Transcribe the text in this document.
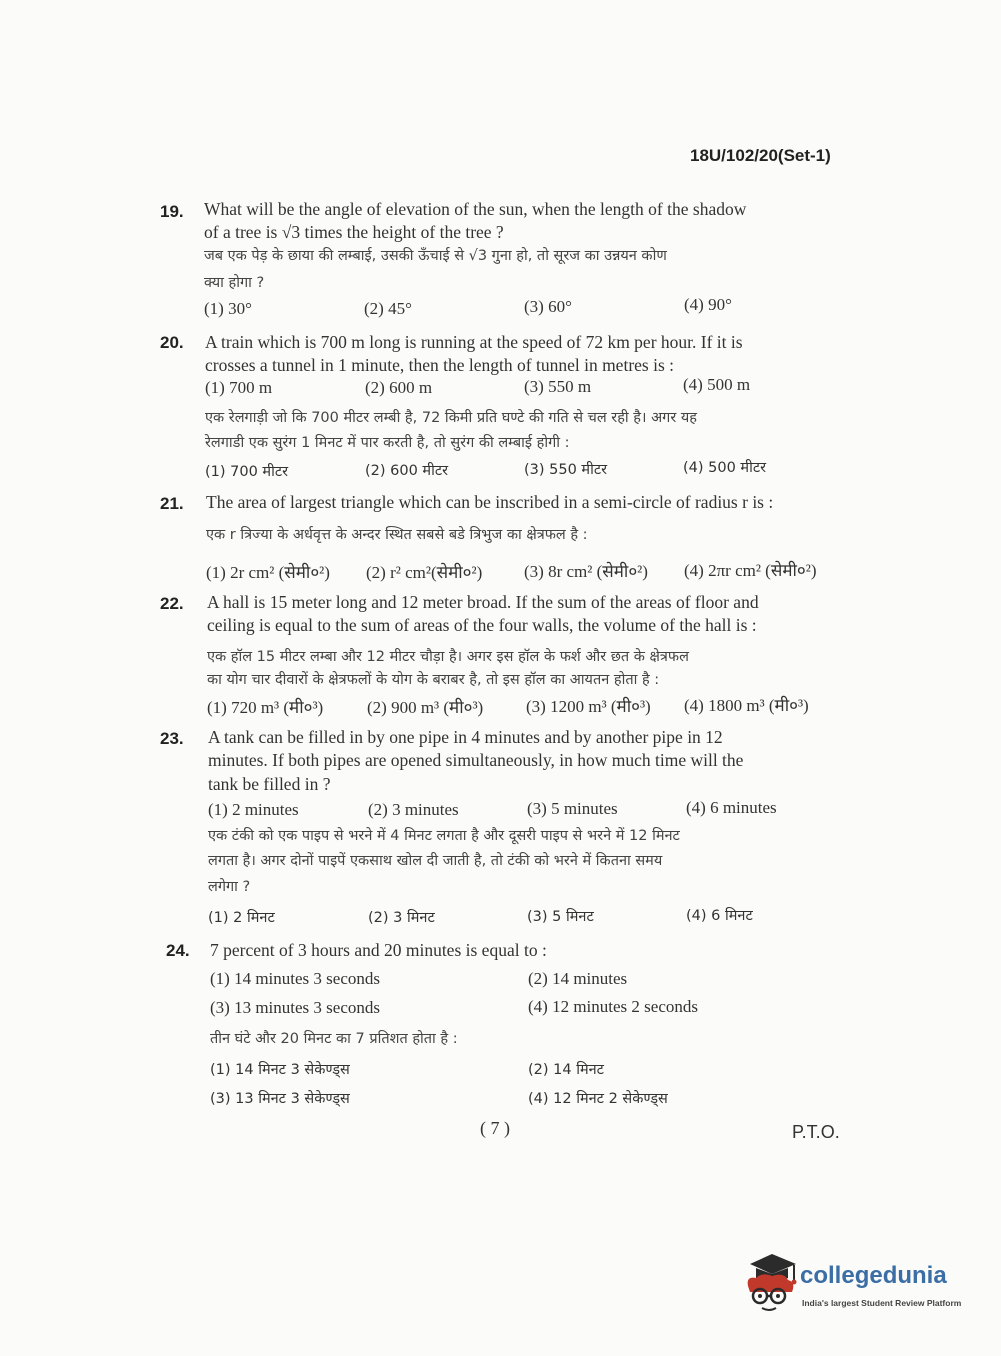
18U/102/20(Set-1)
19. What will be the angle of elevation of the sun, when the length of the shadow
of a tree is √3 times the height of the tree ?
जब एक पेड़ के छाया की लम्बाई, उसकी ऊँचाई से √3 गुना हो, तो सूरज का उन्नयन कोण
क्या होगा ?
(1) 30°	(2) 45°	(3) 60°	(4) 90°
20. A train which is 700 m long is running at the speed of 72 km per hour. If it is
crosses a tunnel in 1 minute, then the length of tunnel in metres is :
(1) 700 m	(2) 600 m	(3) 550 m	(4) 500 m
एक रेलगाड़ी जो कि 700 मीटर लम्बी है, 72 किमी प्रति घण्टे की गति से चल रही है। अगर यह
रेलगाडी एक सुरंग 1 मिनट में पार करती है, तो सुरंग की लम्बाई होगी :
(1) 700 मीटर	(2) 600 मीटर	(3) 550 मीटर	(4) 500 मीटर
21. The area of largest triangle which can be inscribed in a semi-circle of radius r is :
एक r त्रिज्या के अर्धवृत्त के अन्दर स्थित सबसे बडे त्रिभुज का क्षेत्रफल है :
(1) 2r cm² (सेमी०²) (2) r² cm²(सेमी०²) (3) 8r cm² (सेमी०²) (4) 2πr cm² (सेमी०²)
22. A hall is 15 meter long and 12 meter broad. If the sum of the areas of floor and
ceiling is equal to the sum of areas of the four walls, the volume of the hall is :
एक हॉल 15 मीटर लम्बा और 12 मीटर चौड़ा है। अगर इस हॉल के फर्श और छत के क्षेत्रफल
का योग चार दीवारों के क्षेत्रफलों के योग के बराबर है, तो इस हॉल का आयतन होता है :
(1) 720 m³ (मी०³)	(2) 900 m³ (मी०³)	(3) 1200 m³ (मी०³) (4) 1800 m³ (मी०³)
23. A tank can be filled in by one pipe in 4 minutes and by another pipe in 12
minutes. If both pipes are opened simultaneously, in how much time will the
tank be filled in ?
(1) 2 minutes	(2) 3 minutes	(3) 5 minutes	(4) 6 minutes
एक टंकी को एक पाइप से भरने में 4 मिनट लगता है और दूसरी पाइप से भरने में 12 मिनट
लगता है। अगर दोनों पाइपें एकसाथ खोल दी जाती है, तो टंकी को भरने में कितना समय
लगेगा ?
(1) 2 मिनट	(2) 3 मिनट	(3) 5 मिनट	(4) 6 मिनट
24. 7 percent of 3 hours and 20 minutes is equal to :
(1) 14 minutes 3 seconds	(2) 14 minutes
(3) 13 minutes 3 seconds	(4) 12 minutes 2 seconds
तीन घंटे और 20 मिनट का 7 प्रतिशत होता है :
(1) 14 मिनट 3 सेकेण्ड्स	(2) 14 मिनट
(3) 13 मिनट 3 सेकेण्ड्स	(4) 12 मिनट 2 सेकेण्ड्स
( 7 )	P.T.O.
collegedunia
India's largest Student Review Platform
